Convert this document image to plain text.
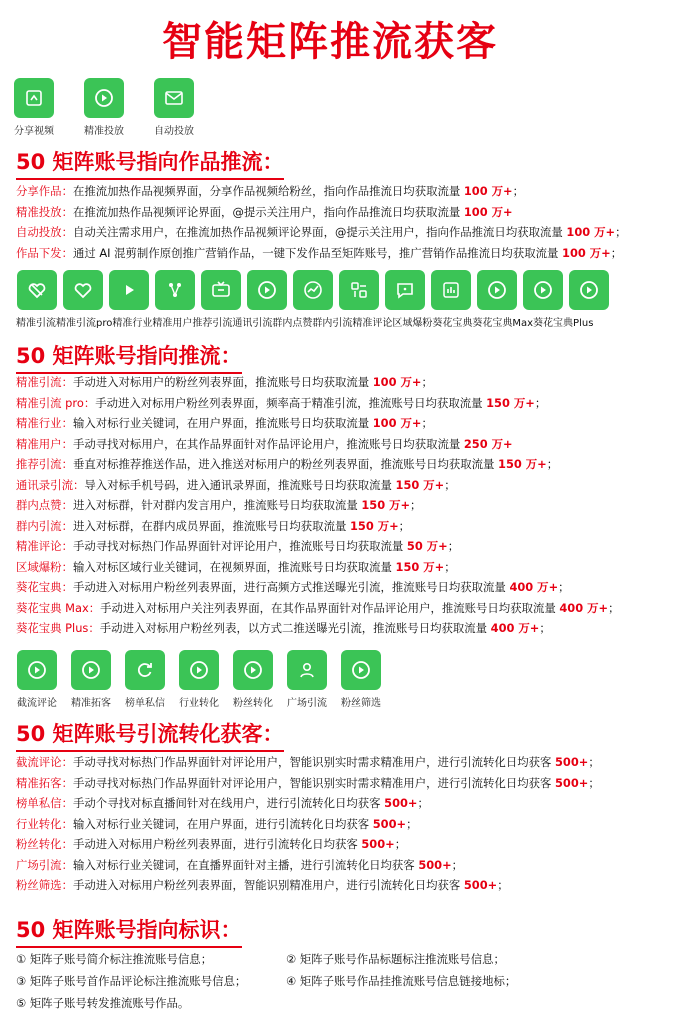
智能矩阵推流获客
分享视频	精准投放	自动投放
50 矩阵账号指向作品推流：
分享作品：在推流加热作品视频界面，分享作品视频给粉丝，指向作品推流日均获取流量 100 万+；
精准投放：在推流加热作品视频评论界面，@提示关注用户，指向作品推流日均获取流量 100 万+
自动投放：自动关注需求用户，在推流加热作品视频评论界面，@提示关注用户，指向作品推流日均获取流量 100 万+；
作品下发：通过 AI 混剪制作原创推广营销作品，一键下发作品至矩阵账号，推广营销作品推流日均获取流量 100 万+；
精准引流精准引流pro精准行业精准用户推荐引流通讯引流群内点赞群内引流精准评论区域爆粉葵花宝典葵花宝典Max葵花宝典Plus
50 矩阵账号指向推流：
精准引流：手动进入对标用户的粉丝列表界面，推流账号日均获取流量 100 万+；
精准引流 pro：手动进入对标用户粉丝列表界面，频率高于精准引流，推流账号日均获取流量 150 万+；
精准行业：输入对标行业关键词，在用户界面，推流账号日均获取流量 100 万+；
精准用户：手动寻找对标用户，在其作品界面针对作品评论用户，推流账号日均获取流量 250 万+
推荐引流：垂直对标推荐推送作品，进入推送对标用户的粉丝列表界面，推流账号日均获取流量 150 万+；
通讯录引流：导入对标手机号码，进入通讯录界面，推流账号日均获取流量 150 万+；
群内点赞：进入对标群，针对群内发言用户，推流账号日均获取流量 150 万+；
群内引流：进入对标群，在群内成员界面，推流账号日均获取流量 150 万+；
精准评论：手动寻找对标热门作品界面针对评论用户，推流账号日均获取流量 50 万+；
区域爆粉：输入对标区域行业关键词，在视频界面，推流账号日均获取流量 150 万+；
葵花宝典：手动进入对标用户粉丝列表界面，进行高频方式推送曝光引流，推流账号日均获取流量 400 万+；
葵花宝典 Max：手动进入对标用户关注列表界面，在其作品界面针对作品评论用户，推流账号日均获取流量 400 万+；
葵花宝典 Plus：手动进入对标用户粉丝列表，以方式二推送曝光引流，推流账号日均获取流量 400 万+；
截流评论 精准拓客 榜单私信 行业转化 粉丝转化 广场引流 粉丝筛选
50 矩阵账号引流转化获客：
截流评论：手动寻找对标热门作品界面针对评论用户，智能识别实时需求精准用户，进行引流转化日均获客 500+；
精准拓客：手动寻找对标热门作品界面针对评论用户，智能识别实时需求精准用户，进行引流转化日均获客 500+；
榜单私信：手动个寻找对标直播间针对在线用户，进行引流转化日均获客 500+；
行业转化：输入对标行业关键词，在用户界面，进行引流转化日均获客 500+；
粉丝转化：手动进入对标用户粉丝列表界面，进行引流转化日均获客 500+；
广场引流：输入对标行业关键词，在直播界面针对主播，进行引流转化日均获客 500+；
粉丝筛选：手动进入对标用户粉丝列表界面，智能识别精准用户，进行引流转化日均获客 500+；
50 矩阵账号指向标识：
① 矩阵子账号简介标注推流账号信息；	② 矩阵子账号作品标题标注推流账号信息；
③ 矩阵子账号首作品评论标注推流账号信息；	④ 矩阵子账号作品挂推流账号信息链接地标；
⑤ 矩阵子账号转发推流账号作品。
